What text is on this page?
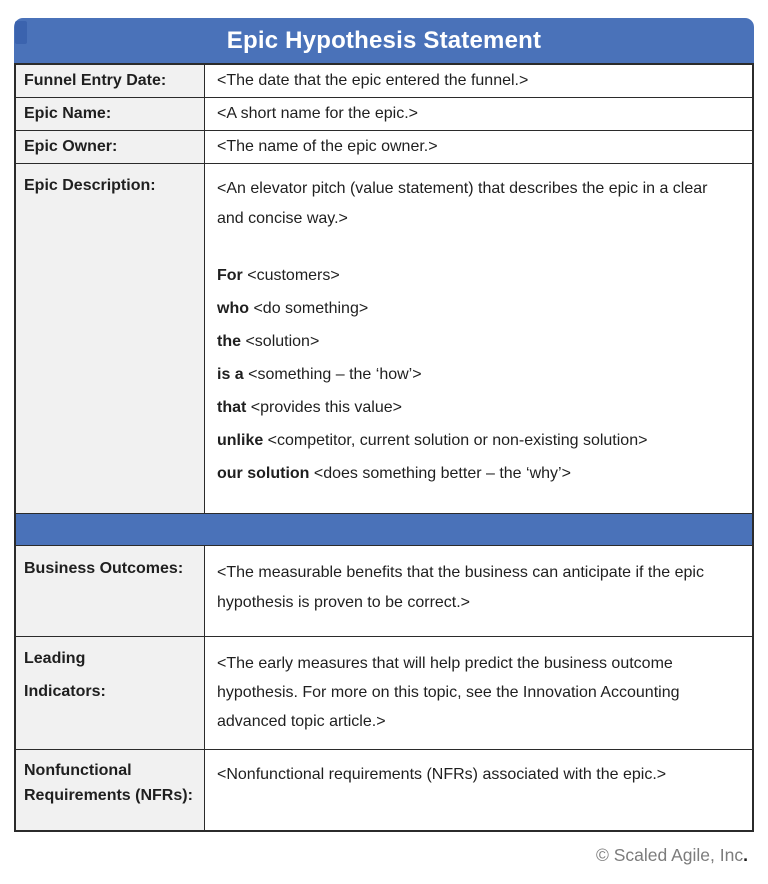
Epic Hypothesis Statement
Funnel Entry Date:	<The date that the epic entered the funnel.>
Epic Name:	<A short name for the epic.>
Epic Owner:	<The name of the epic owner.>
Epic Description:	<An elevator pitch (value statement) that describes the epic in a clear and concise way.>

For <customers>
who <do something>
the <solution>
is a <something – the ‘how’>
that <provides this value>
unlike <competitor, current solution or non-existing solution>
our solution <does something better – the ‘why’>
Business Outcomes:	<The measurable benefits that the business can anticipate if the epic hypothesis is proven to be correct.>

Leading
Indicators:

<The early measures that will help predict the business outcome hypothesis. For more on this topic, see the Innovation Accounting advanced topic article.>

Nonfunctional Requirements (NFRs):

<Nonfunctional requirements (NFRs) associated with the epic.>

© Scaled Agile, Inc.
